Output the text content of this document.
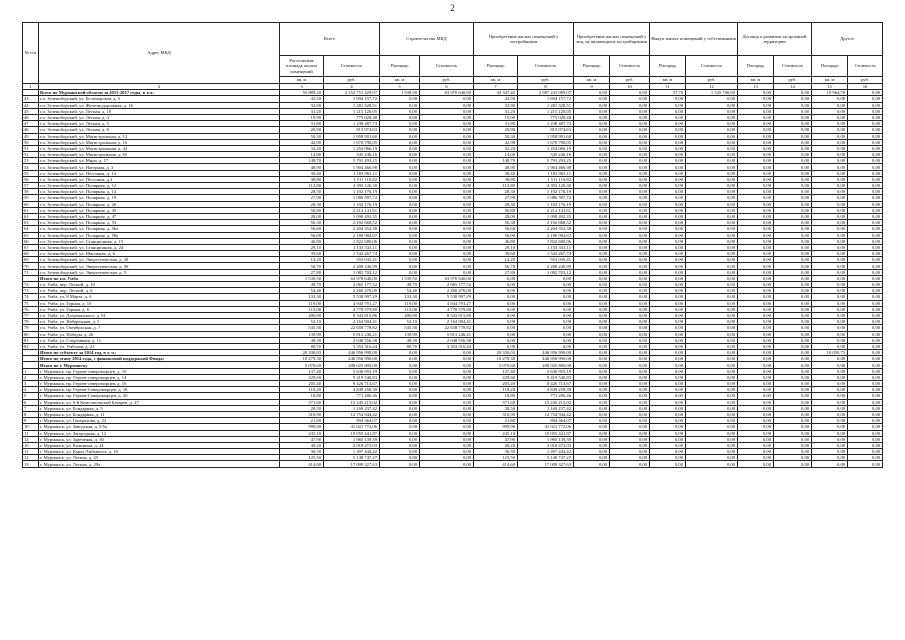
2
№ п/п	Адрес МКД	Всего		Строительство МКД		Приобретение жилых помещений у застройщиков		Приобретение жилых помещений у лиц, не являющихся застройщиками		Выкуп жилых помещений у собственников		Договор о развитии застроенной территории		Другое	
		Расселяемая площадь жилых помещений	Стоимость	Площадь	Стоимость	Площадь	Стоимость	Площадь	Стоимость	Площадь	Стоимость	Площадь	Стоимость	Площадь	Стоимость
		кв. м	руб.	кв. м	руб.	кв. м	руб.	кв. м	руб.	кв. м	руб.	кв. м	руб.	кв. м	руб.
1	2	3	4	5	6	7	8	9	10	11	12	13	14	15	16
	Всего по Мурманской области за 2013-2017 годы, в т.ч.:	55 889,20	2 152 751 429,07	1 539,50	63 970 640,00	43 347,40	2 087 235 089,07	0,00	0,00	37,70	1 545 700,00	0,00	0,00	10 964,70	0,00
43	г.п. Зеленоборский, ул. Беломорская, д. 5	43,50	1 694 157,72	0,00	0,00	43,50	1 694 157,72	0,00	0,00	0,00	0,00	0,00	0,00	0,00	0,00
44	г.п. Зеленоборский, ул. Железнодорожная, д. 16	32,90	1 281 328,51	0,00	0,00	32,90	1 281 328,51	0,00	0,00	0,00	0,00	0,00	0,00	0,00	0,00
45	г.п. Зеленоборский, ул. Лесная, д. 10	31,20	1 215 120,05	0,00	0,00	31,20	1 215 120,05	0,00	0,00	0,00	0,00	0,00	0,00	0,00	0,00
46	г.п. Зеленоборский, ул. Лесная, д. 4	19,90	775 028,48	0,00	0,00	19,90	775 028,48	0,00	0,00	0,00	0,00	0,00	0,00	0,00	0,00
47	г.п. Зеленоборский, ул. Лесная, д. 5	31,80	1 238 487,73	0,00	0,00	31,80	1 238 487,73	0,00	0,00	0,00	0,00	0,00	0,00	0,00	0,00
48	г.п. Зеленоборский, ул. Лесная, д. 6	20,90	813 974,63	0,00	0,00	20,90	813 974,63	0,00	0,00	0,00	0,00	0,00	0,00	0,00	0,00
49	г.п. Зеленоборский, ул. Магистральная, д. 12	50,30	1 958 991,60	0,00	0,00	50,30	1 958 991,60	0,00	0,00	0,00	0,00	0,00	0,00	0,00	0,00
50	г.п. Зеленоборский, ул. Магистральная, д. 16	42,90	1 670 790,05	0,00	0,00	42,90	1 670 790,05	0,00	0,00	0,00	0,00	0,00	0,00	0,00	0,00
51	г.п. Зеленоборский, ул. Магистральная, д. 42	32,20	1 254 066,19	0,00	0,00	32,20	1 254 066,19	0,00	0,00	0,00	0,00	0,00	0,00	0,00	0,00
52	г.п. Зеленоборский, ул. Магистральная, д. 65	14,00	545 246,16	0,00	0,00	14,00	545 246,16	0,00	0,00	0,00	0,00	0,00	0,00	0,00	0,00
53	г.п. Зеленоборский, ул. Мира, д. 17	148,70	5 791 293,25	0,00	0,00	148,70	5 791 293,25	0,00	0,00	0,00	0,00	0,00	0,00	0,00	0,00
54	г.п. Зеленоборский, ул. Нагорная, д. 3	48,90	1 904 466,98	0,00	0,00	48,90	1 904 466,98	0,00	0,00	0,00	0,00	0,00	0,00	0,00	0,00
55	г.п. Зеленоборский, ул. Песочная, д. 14	30,40	1 183 963,11	0,00	0,00	30,40	1 183 963,11	0,00	0,00	0,00	0,00	0,00	0,00	0,00	0,00
56	г.п. Зеленоборский, ул. Песочная, д.2	38,80	1 511 110,82	0,00	0,00	38,80	1 511 110,82	0,00	0,00	0,00	0,00	0,00	0,00	0,00	0,00
57	г.п. Зеленоборский, ул. Полярная, д. 12	112,80	4 393 126,30	0,00	0,00	112,80	4 393 126,30	0,00	0,00	0,00	0,00	0,00	0,00	0,00	0,00
58	г.п. Зеленоборский, ул. Полярная, д. 14	28,30	1 102 176,19	0,00	0,00	28,30	1 102 176,19	0,00	0,00	0,00	0,00	0,00	0,00	0,00	0,00
59	г.п. Зеленоборский, ул. Полярная, д. 19	27,90	1 086 597,72	0,00	0,00	27,90	1 086 597,72	0,00	0,00	0,00	0,00	0,00	0,00	0,00	0,00
60	г.п. Зеленоборский, ул. Полярная, д. 26	28,30	1 102 176,19	0,00	0,00	28,30	1 102 176,19	0,00	0,00	0,00	0,00	0,00	0,00	0,00	0,00
61	г.п. Зеленоборский, ул. Полярная, д. 45	56,80	2 212 141,61	0,00	0,00	56,80	2 212 141,61	0,00	0,00	0,00	0,00	0,00	0,00	0,00	0,00
62	г.п. Зеленоборский, ул. Полярная, д. 47	28,00	1 090 492,35	0,00	0,00	28,00	1 090 492,35	0,00	0,00	0,00	0,00	0,00	0,00	0,00	0,00
63	г.п. Зеленоборский, ул. Полярная, д. 53	56,30	2 192 668,52	0,00	0,00	56,30	2 192 668,52	0,00	0,00	0,00	0,00	0,00	0,00	0,00	0,00
64	г.п. Зеленоборский, ул. Полярная, д. 56а	56,60	2 204 352,38	0,00	0,00	56,60	2 204 352,38	0,00	0,00	0,00	0,00	0,00	0,00	0,00	0,00
65	г.п. Зеленоборский, ул. Полярная, д. 58а	56,00	2 180 984,67	0,00	0,00	56,00	2 180 984,67	0,00	0,00	0,00	0,00	0,00	0,00	0,00	0,00
66	г.п. Зеленоборский, ул. Станционная, д. 15	46,80	1 822 680,06	0,00	0,00	46,80	1 822 680,06	0,00	0,00	0,00	0,00	0,00	0,00	0,00	0,00
67	г.п. Зеленоборский, ул. Станционная, д. 24	29,10	1 133 333,11	0,00	0,00	29,10	1 133 333,11	0,00	0,00	0,00	0,00	0,00	0,00	0,00	0,00
68	г.п. Зеленоборский, ул. Школьная, д. 6	39,60	1 542 267,74	0,00	0,00	39,60	1 542 267,74	0,00	0,00	0,00	0,00	0,00	0,00	0,00	0,00
69	г.п. Зеленоборский, ул. Энергетическая, д. 28	14,20	553 035,41	0,00	0,00	14,20	553 035,41	0,00	0,00	0,00	0,00	0,00	0,00	0,00	0,00
70	г.п. Зеленоборский, ул. Энергетическая, д. 30	56,70	2 208 246,99	0,00	0,00	56,70	2 208 246,99	0,00	0,00	0,00	0,00	0,00	0,00	0,00	0,00
71	г.п. Зеленоборский, ул. Энергетическая, д. 5	27,80	1 082 703,12	0,00	0,00	27,80	1 082 703,12	0,00	0,00	0,00	0,00	0,00	0,00	0,00	0,00
	Итого по г.п. Умба	1 539,50	63 970 640,00	1 539,50	63 970 640,00	0,00	0,00	0,00	0,00	0,00	0,00	0,00	0,00	0,00	0,00
72	г.п. Умба, пер. Лесной, д. 10	49,70	2 065 177,52	49,70	2 065 177,52	0,00	0,00	0,00	0,00	0,00	0,00	0,00	0,00	0,00	0,00
73	г.п. Умба, пер. Лесной, д. 6	54,40	2 260 476,00	54,40	2 260 476,00	0,00	0,00	0,00	0,00	0,00	0,00	0,00	0,00	0,00	0,00
74	г.п. Умба, ул. 8 Марта, д. 6	133,30	5 538 997,29	133,30	5 538 997,29	0,00	0,00	0,00	0,00	0,00	0,00	0,00	0,00	0,00	0,00
75	г.п. Умба, ул. Горная, д. 10	119,00	4 944 791,27	119,00	4 944 791,27	0,00	0,00	0,00	0,00	0,00	0,00	0,00	0,00	0,00	0,00
76	г.п. Умба, ул. Горная, д. 6	115,00	4 778 579,80	115,00	4 778 579,80	0,00	0,00	0,00	0,00	0,00	0,00	0,00	0,00	0,00	0,00
77	г.п. Умба, ул. Дзержинского, д. 81	200,80	8 343 815,86	200,80	8 343 815,86	0,00	0,00	0,00	0,00	0,00	0,00	0,00	0,00	0,00	0,00
78	г.п. Умба, ул. Набережная, д. 5	52,10	2 164 904,41	52,10	2 164 904,41	0,00	0,00	0,00	0,00	0,00	0,00	0,00	0,00	0,00	0,00
79	г.п. Умба, ул. Октябрьская, д. 7	545,30	22 658 778,82	545,30	22 658 778,82	0,00	0,00	0,00	0,00	0,00	0,00	0,00	0,00	0,00	0,00
80	г.п. Умба, ул. Победы, д. 26	139,90	5 813 246,21	139,90	5 813 246,21	0,00	0,00	0,00	0,00	0,00	0,00	0,00	0,00	0,00	0,00
81	г.п. Умба, ул. Спортивная, д. 11	49,30	2 048 556,38	49,30	2 048 556,38	0,00	0,00	0,00	0,00	0,00	0,00	0,00	0,00	0,00	0,00
82	г.п. Умба, ул. Умбская, д. 21	80,70	3 353 316,44	80,70	3 353 316,44	0,00	0,00	0,00	0,00	0,00	0,00	0,00	0,00	0,00	0,00
	Итого по субъекту за 2014 год, в т. ч.:	20 330,03	446 956 990,00	0,00	0,00	20 330,03	446 956 990,00	0,00	0,00	0,00	0,00	0,00	0,00	10 050,73	0,00
	Итого по этапу 2014 года, с финансовой поддержкой Фонда:	10 279,30	446 956 990,00	0,00	0,00	10 279,30	446 956 990,00	0,00	0,00	0,00	0,00	0,00	0,00	0,00	0,00
	Итого по г. Мурманску	5 070,60	208 025 800,00	0,00	0,00	5 070,60	208 025 800,00	0,00	0,00	0,00	0,00	0,00	0,00	0,00	0,00
1	г. Мурманск, пр. Героев-североморцев, д. 10	137,40	5 636 955,19	0,00	0,00	137,40	5 636 955,19	0,00	0,00	0,00	0,00	0,00	0,00	0,00	0,00
2	г. Мурманск, пр. Героев-североморцев, д. 14	229,60	9 419 540,83	0,00	0,00	229,60	9 419 540,83	0,00	0,00	0,00	0,00	0,00	0,00	0,00	0,00
3	г. Мурманск, пр. Героев-североморцев, д. 16	205,40	8 426 714,67	0,00	0,00	205,40	8 426 714,67	0,00	0,00	0,00	0,00	0,00	0,00	0,00	0,00
4	г. Мурманск, пр. Героев-Североморцев, д. 18	118,20	4 849 258,39	0,00	0,00	118,20	4 849 258,39	0,00	0,00	0,00	0,00	0,00	0,00	0,00	0,00
5	г. Мурманск, пр. Героев-Североморцев, д. 20	18,80	771 286,46	0,00	0,00	18,80	771 286,46	0,00	0,00	0,00	0,00	0,00	0,00	0,00	0,00
6	г. Мурманск, ул. 6-й Комсомольской Батареи, д. 47	371,60	15 245 215,02	0,00	0,00	371,60	15 245 215,02	0,00	0,00	0,00	0,00	0,00	0,00	0,00	0,00
7	г. Мурманск, ул. Бондарная, д. 5	28,50	1 169 237,42	0,00	0,00	28,50	1 169 237,42	0,00	0,00	0,00	0,00	0,00	0,00	0,00	0,00
8	г. Мурманск, ул. Бондарная, д. 11	310,90	12 754 944,42	0,00	0,00	310,90	12 754 944,42	0,00	0,00	0,00	0,00	0,00	0,00	0,00	0,00
9	г. Мурманск, ул. Генералова, д. 22	21,80	894 364,07	0,00	0,00	21,80	894 364,07	0,00	0,00	0,00	0,00	0,00	0,00	0,00	0,00
10	г. Мурманск, ул. Заводская, д. 5/5а	999,90	41 021 772,06	0,00	0,00	999,90	41 021 772,06	0,00	0,00	0,00	0,00	0,00	0,00	0,00	0,00
11	г. Мурманск, ул. Загородная, д. 12	245,10	10 055 441,87	0,00	0,00	245,10	10 055 441,87	0,00	0,00	0,00	0,00	0,00	0,00	0,00	0,00
12	г. Мурманск, ул. Зареченая, д. 30	47,90	1 965 139,39	0,00	0,00	47,90	1 965 139,39	0,00	0,00	0,00	0,00	0,00	0,00	0,00	0,00
10	г. Мурманск, ул. Калинина, д. 24	49,20	2 018 473,03	0,00	0,00	49,20	2 018 473,03	0,00	0,00	0,00	0,00	0,00	0,00	0,00	0,00
11	г. Мурманск, ул. Карла Либкнехта, д. 10	36,50	1 497 444,42	0,00	0,00	36,50	1 497 444,42	0,00	0,00	0,00	0,00	0,00	0,00	0,00	0,00
12	г. Мурманск, ул. Лесная, д. 25	125,50	5 148 747,27	0,00	0,00	125,50	5 148 747,27	0,00	0,00	0,00	0,00	0,00	0,00	0,00	0,00
13	г. Мурманск, ул. Лесная, д. 29а	414,60	17 009 327,63	0,00	0,00	414,60	17 009 327,63	0,00	0,00	0,00	0,00	0,00	0,00	0,00	0,00
